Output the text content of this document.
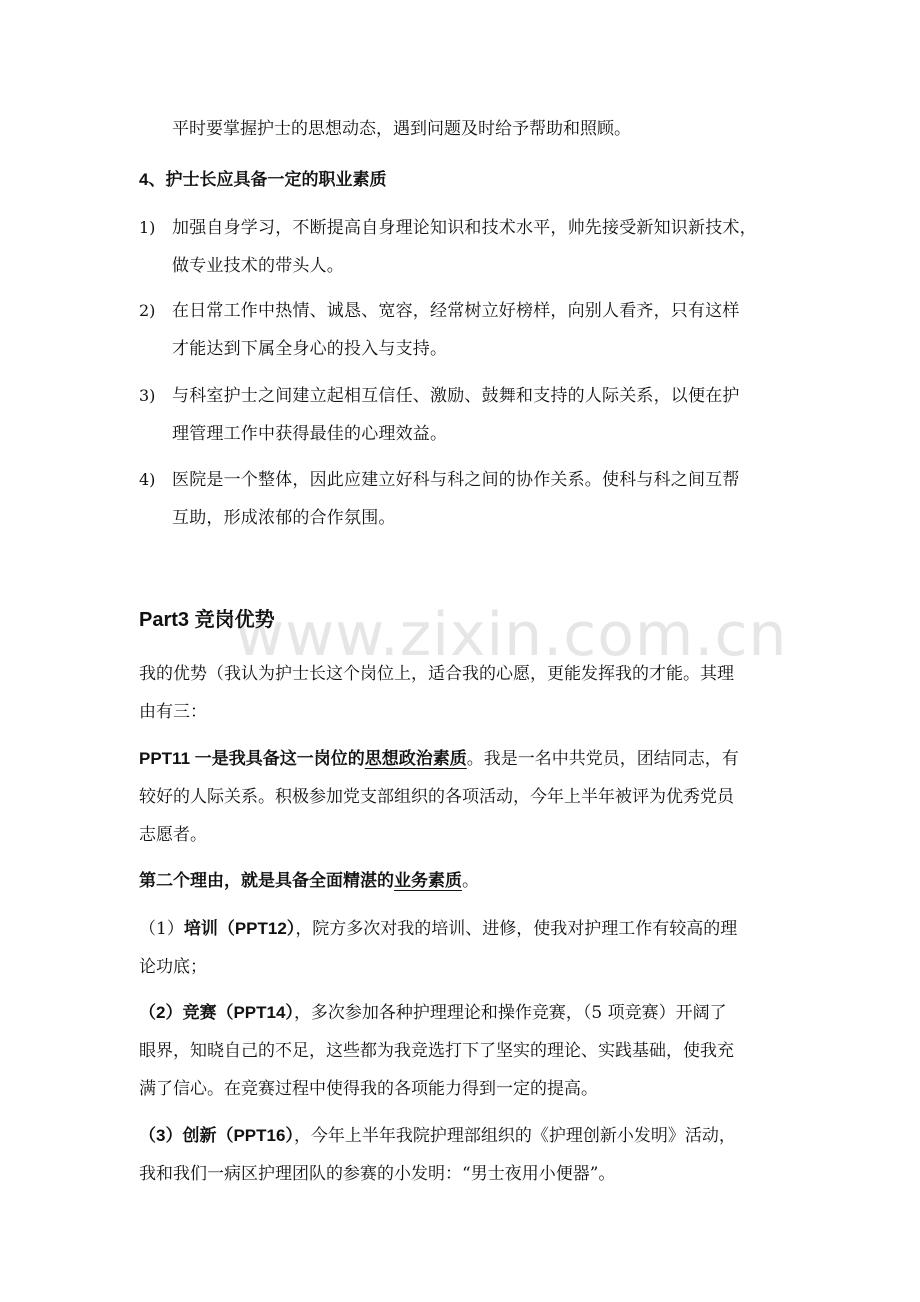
平时要掌握护士的思想动态，遇到问题及时给予帮助和照顾。
4、护士长应具备一定的职业素质
1) 加强自身学习，不断提高自身理论知识和技术水平，帅先接受新知识新技术，
做专业技术的带头人。
2) 在日常工作中热情、诚恳、宽容，经常树立好榜样，向别人看齐，只有这样
才能达到下属全身心的投入与支持。
3) 与科室护士之间建立起相互信任、激励、鼓舞和支持的人际关系，以便在护
理管理工作中获得最佳的心理效益。
4) 医院是一个整体，因此应建立好科与科之间的协作关系。使科与科之间互帮
互助，形成浓郁的合作氛围。
www.zixin.com.cn
Part3 竞岗优势
我的优势（我认为护士长这个岗位上，适合我的心愿，更能发挥我的才能。其理
由有三：
PPT11 一是我具备这一岗位的思想政治素质。我是一名中共党员，团结同志，有
较好的人际关系。积极参加党支部组织的各项活动，今年上半年被评为优秀党员
志愿者。
第二个理由，就是具备全面精湛的业务素质。
（1）培训（PPT12），院方多次对我的培训、进修，使我对护理工作有较高的理
论功底；
（2）竞赛（PPT14），多次参加各种护理理论和操作竞赛，（5 项竞赛）开阔了
眼界，知晓自己的不足，这些都为我竞选打下了坚实的理论、实践基础，使我充
满了信心。在竞赛过程中使得我的各项能力得到一定的提高。
（3）创新（PPT16），今年上半年我院护理部组织的《护理创新小发明》活动，
我和我们一病区护理团队的参赛的小发明：“男士夜用小便器”。
